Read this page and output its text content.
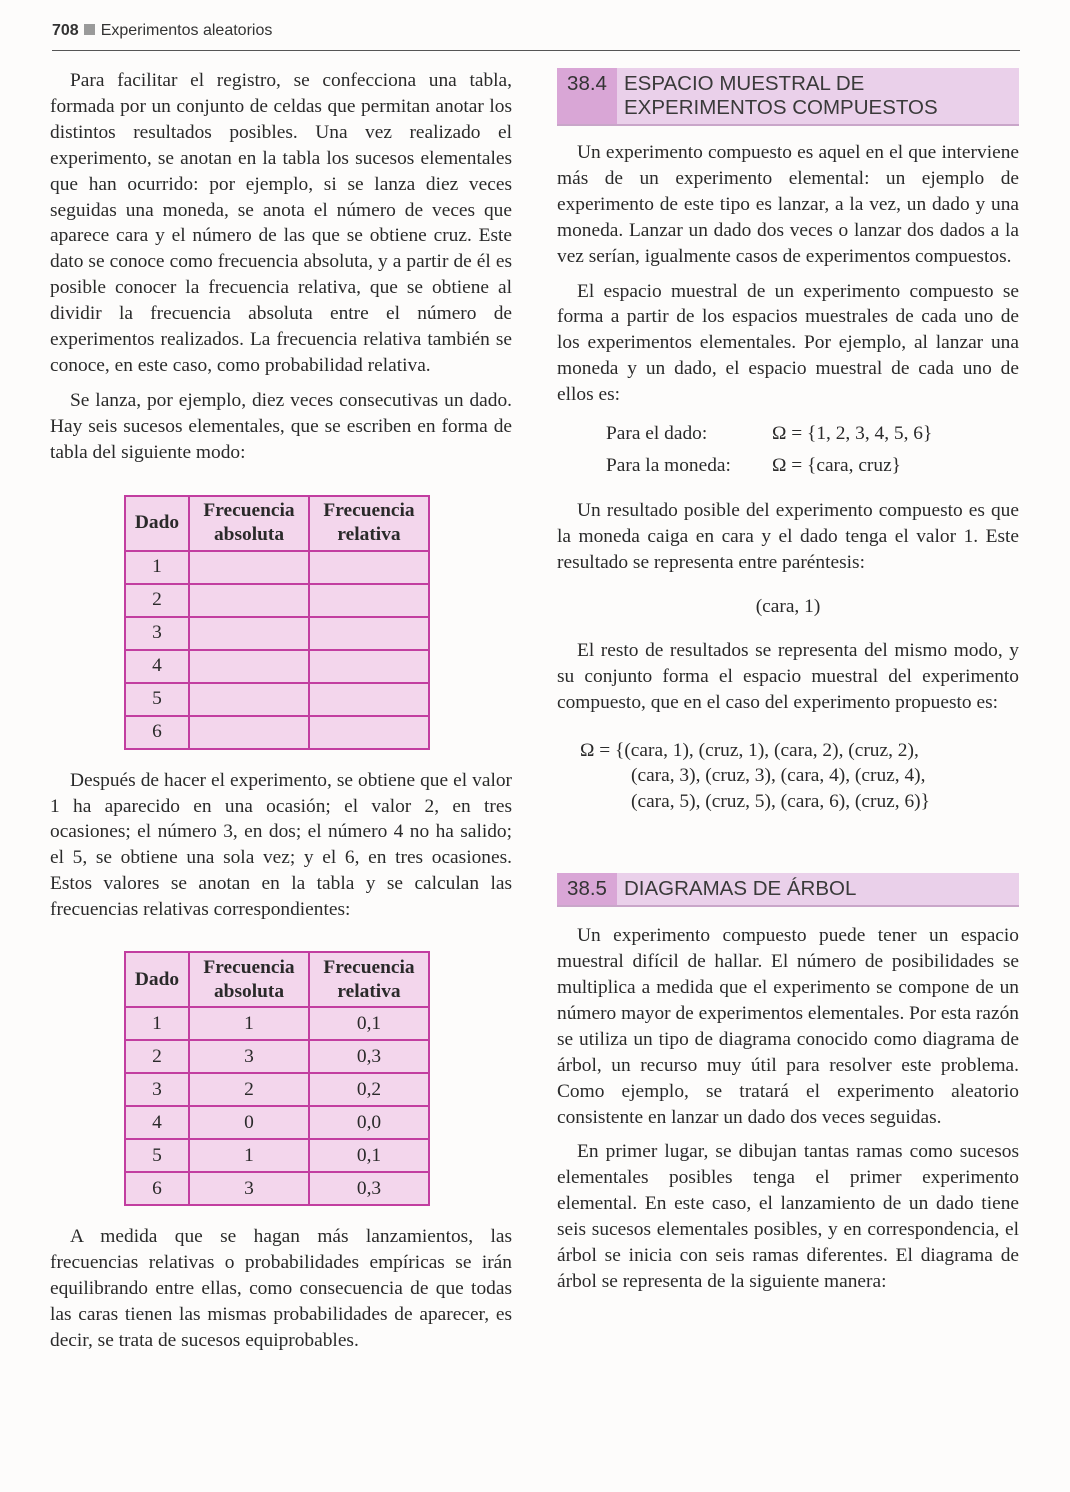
708 Experimentos aleatorios

Para facilitar el registro, se confecciona una tabla, formada por un conjunto de celdas que permitan anotar los distintos resultados posibles. Una vez realizado el experimento, se anotan en la tabla los sucesos elementales que han ocurrido: por ejemplo, si se lanza diez veces seguidas una moneda, se anota el número de veces que aparece cara y el número de las que se obtiene cruz. Este dato se conoce como frecuencia absoluta, y a partir de él es posible conocer la frecuencia relativa, que se obtiene al dividir la frecuencia absoluta entre el número de experimentos realizados. La frecuencia relativa también se conoce, en este caso, como probabilidad relativa.

Se lanza, por ejemplo, diez veces consecutivas un dado. Hay seis sucesos elementales, que se escriben en forma de tabla del siguiente modo:

Dado	Frecuencia absoluta	Frecuencia relativa
1		
2		
3		
4		
5		
6		

Después de hacer el experimento, se obtiene que el valor 1 ha aparecido en una ocasión; el valor 2, en tres ocasiones; el número 3, en dos; el número 4 no ha salido; el 5, se obtiene una sola vez; y el 6, en tres ocasiones. Estos valores se anotan en la tabla y se calculan las frecuencias relativas correspondientes:

Dado	Frecuencia absoluta	Frecuencia relativa
1	1	0,1
2	3	0,3
3	2	0,2
4	0	0,0
5	1	0,1
6	3	0,3

A medida que se hagan más lanzamientos, las frecuencias relativas o probabilidades empíricas se irán equilibrando entre ellas, como consecuencia de que todas las caras tienen las mismas probabilidades de aparecer, es decir, se trata de sucesos equiprobables.

38.4 ESPACIO MUESTRAL DE
EXPERIMENTOS COMPUESTOS

Un experimento compuesto es aquel en el que interviene más de un experimento elemental: un ejemplo de experimento de este tipo es lanzar, a la vez, un dado y una moneda. Lanzar un dado dos veces o lanzar dos dados a la vez serían, igualmente casos de experimentos compuestos.

El espacio muestral de un experimento compuesto se forma a partir de los espacios muestrales de cada uno de los experimentos elementales. Por ejemplo, al lanzar una moneda y un dado, el espacio muestral de cada uno de ellos es:

Para el dado:	Ω = {1, 2, 3, 4, 5, 6}
Para la moneda: Ω = {cara, cruz}

Un resultado posible del experimento compuesto es que la moneda caiga en cara y el dado tenga el valor 1. Este resultado se representa entre paréntesis:

(cara, 1)

El resto de resultados se representa del mismo modo, y su conjunto forma el espacio muestral del experimento compuesto, que en el caso del experimento propuesto es:

Ω = {(cara, 1), (cruz, 1), (cara, 2), (cruz, 2),
(cara, 3), (cruz, 3), (cara, 4), (cruz, 4),
(cara, 5), (cruz, 5), (cara, 6), (cruz, 6)}
38.5 DIAGRAMAS DE ÁRBOL

Un experimento compuesto puede tener un espacio muestral difícil de hallar. El número de posibilidades se multiplica a medida que el experimento se compone de un número mayor de experimentos elementales. Por esta razón se utiliza un tipo de diagrama conocido como diagrama de árbol, un recurso muy útil para resolver este problema. Como ejemplo, se tratará el experimento aleatorio consistente en lanzar un dado dos veces seguidas.

En primer lugar, se dibujan tantas ramas como sucesos elementales posibles tenga el primer experimento elemental. En este caso, el lanzamiento de un dado tiene seis sucesos elementales posibles, y en correspondencia, el árbol se inicia con seis ramas diferentes. El diagrama de árbol se representa de la siguiente manera:
